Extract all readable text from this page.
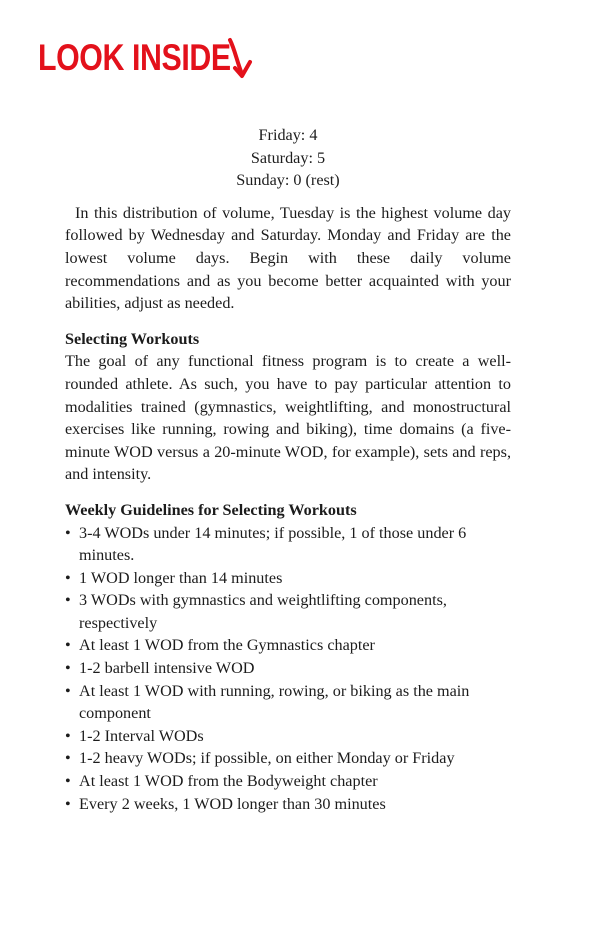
LOOK INSIDE
Friday: 4
Saturday: 5
Sunday: 0 (rest)

In this distribution of volume, Tuesday is the highest volume day followed by Wednesday and Saturday. Monday and Friday are the lowest volume days. Begin with these daily volume recommendations and as you become better acquainted with your abilities, adjust as needed.

Selecting Workouts

The goal of any functional fitness program is to create a well-rounded athlete. As such, you have to pay particular attention to modalities trained (gymnastics, weightlifting, and monostructural exercises like running, rowing and biking), time domains (a five-minute WOD versus a 20-minute WOD, for example), sets and reps, and intensity.

Weekly Guidelines for Selecting Workouts
• 3-4 WODs under 14 minutes; if possible, 1 of those under 6 minutes.
• 1 WOD longer than 14 minutes
• 3 WODs with gymnastics and weightlifting components, respectively
• At least 1 WOD from the Gymnastics chapter
• 1-2 barbell intensive WOD
• At least 1 WOD with running, rowing, or biking as the main component
• 1-2 Interval WODs
• 1-2 heavy WODs; if possible, on either Monday or Friday
• At least 1 WOD from the Bodyweight chapter
• Every 2 weeks, 1 WOD longer than 30 minutes
